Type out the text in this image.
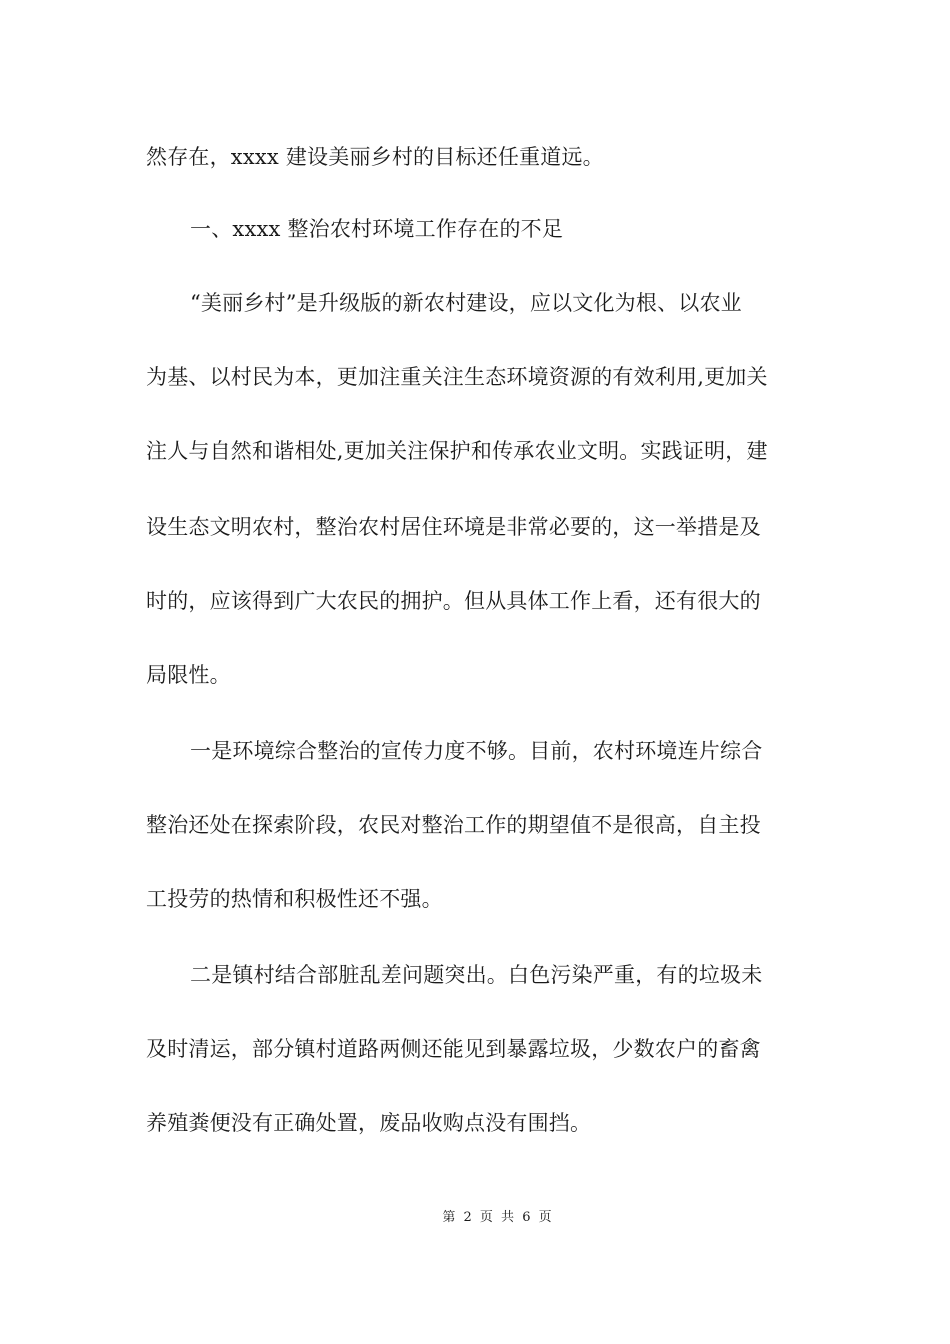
然存在，xxxx 建设美丽乡村的目标还任重道远。
一、xxxx 整治农村环境工作存在的不足
“美丽乡村”是升级版的新农村建设，应以文化为根、以农业
为基、以村民为本，更加注重关注生态环境资源的有效利用,更加关
注人与自然和谐相处,更加关注保护和传承农业文明。实践证明，建
设生态文明农村，整治农村居住环境是非常必要的，这一举措是及
时的，应该得到广大农民的拥护。但从具体工作上看，还有很大的
局限性。
一是环境综合整治的宣传力度不够。目前，农村环境连片综合
整治还处在探索阶段，农民对整治工作的期望值不是很高，自主投
工投劳的热情和积极性还不强。
二是镇村结合部脏乱差问题突出。白色污染严重，有的垃圾未
及时清运，部分镇村道路两侧还能见到暴露垃圾，少数农户的畜禽
养殖粪便没有正确处置，废品收购点没有围挡。
第 2 页 共 6 页
